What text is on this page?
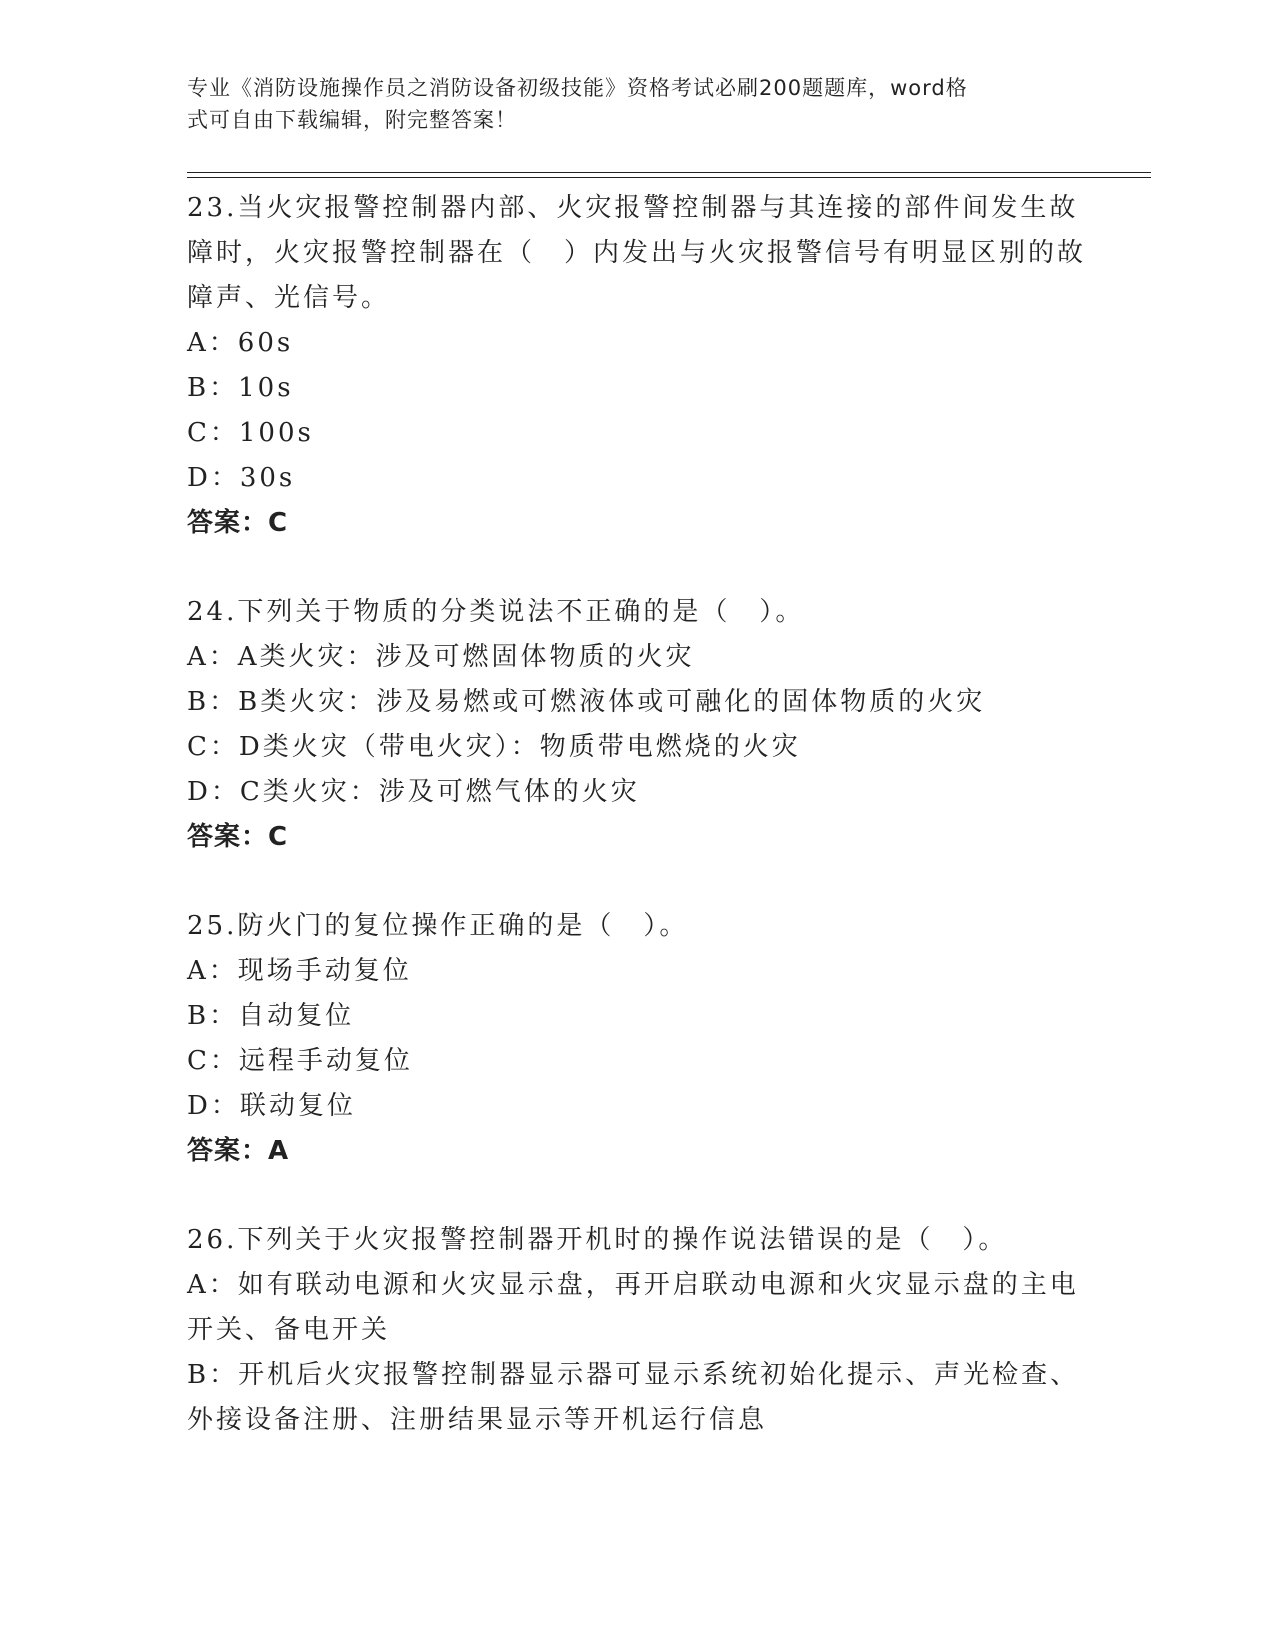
专业《消防设施操作员之消防设备初级技能》资格考试必刷200题题库，word格
式可自由下载编辑，附完整答案！
23.当火灾报警控制器内部、火灾报警控制器与其连接的部件间发生故障时，火灾报警控制器在（　）内发出与火灾报警信号有明显区别的故障声、光信号。
A：60s
B：10s
C：100s
D：30s
答案：C
24.下列关于物质的分类说法不正确的是（　）。
A：A类火灾：涉及可燃固体物质的火灾
B：B类火灾：涉及易燃或可燃液体或可融化的固体物质的火灾
C：D类火灾（带电火灾）：物质带电燃烧的火灾
D：C类火灾：涉及可燃气体的火灾
答案：C
25.防火门的复位操作正确的是（　）。
A：现场手动复位
B：自动复位
C：远程手动复位
D：联动复位
答案：A
26.下列关于火灾报警控制器开机时的操作说法错误的是（　）。
A：如有联动电源和火灾显示盘，再开启联动电源和火灾显示盘的主电开关、备电开关
B：开机后火灾报警控制器显示器可显示系统初始化提示、声光检查、外接设备注册、注册结果显示等开机运行信息
